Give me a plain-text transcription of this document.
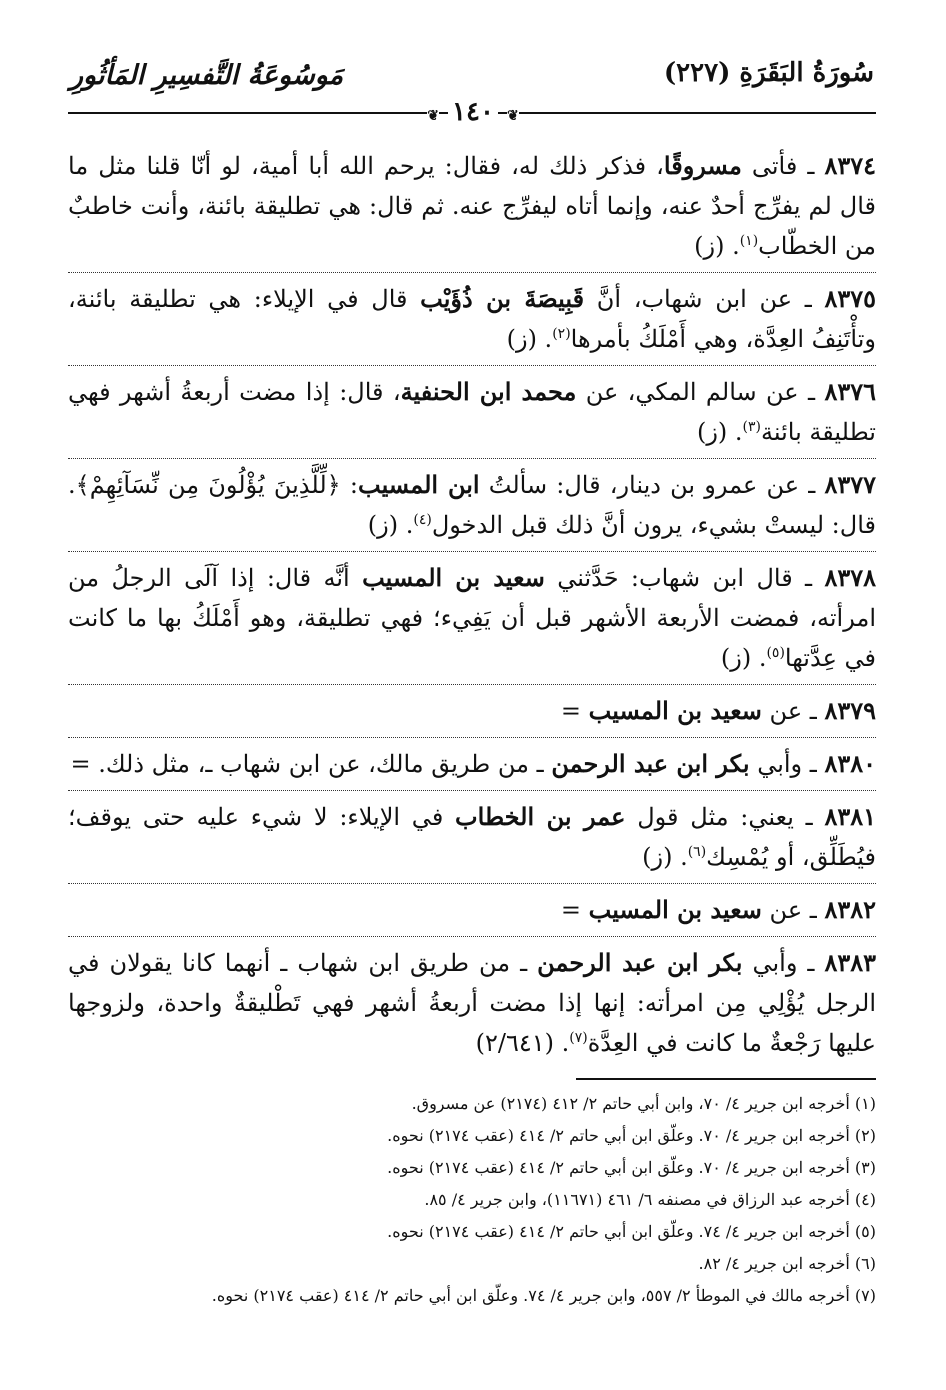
سُورَةُ البَقَرَةِ (٢٢٧)
مَوسُوعَةُ التَّفسِيرِ المَأثُورِ
❦ ١٤٠ ❦
٨٣٧٤ ـ فأتى مسروقًا، فذكر ذلك له، فقال: يرحم الله أبا أمية، لو أنّا قلنا مثل ما قال لم يفرِّج أحدٌ عنه، وإنما أتاه ليفرِّج عنه. ثم قال: هي تطليقة بائنة، وأنت خاطبٌ من الخطّاب$^{(١)}$. (ز)
٨٣٧٥ ـ عن ابن شهاب، أنَّ قَبِيصَةَ بن ذُؤَيْب قال في الإيلاء: هي تطليقة بائنة، وتأْتَنِفُ العِدَّة، وهي أَمْلَكُ بأمرها$^{(٢)}$. (ز)
٨٣٧٦ ـ عن سالم المكي، عن محمد ابن الحنفية، قال: إذا مضت أربعةُ أشهر فهي تطليقة بائنة$^{(٣)}$. (ز)
٨٣٧٧ ـ عن عمرو بن دينار، قال: سألتُ ابن المسيب: ﴿لِّلَّذِينَ يُؤْلُونَ مِن نِّسَآئِهِمْ﴾. قال: ليستْ بشيء، يرون أنَّ ذلك قبل الدخول$^{(٤)}$. (ز)
٨٣٧٨ ـ قال ابن شهاب: حَدَّثني سعيد بن المسيب أنَّه قال: إذا آلَى الرجلُ من امرأته، فمضت الأربعة الأشهر قبل أن يَفِيء؛ فهي تطليقة، وهو أَمْلَكُ بها ما كانت في عِدَّتها$^{(٥)}$. (ز)
٨٣٧٩ ـ عن سعيد بن المسيب =
٨٣٨٠ ـ وأبي بكر ابن عبد الرحمن ـ من طريق مالك، عن ابن شهاب ـ، مثل ذلك. =
٨٣٨١ ـ يعني: مثل قول عمر بن الخطاب في الإيلاء: لا شيء عليه حتى يوقف؛ فيُطَلِّق، أو يُمْسِك$^{(٦)}$. (ز)
٨٣٨٢ ـ عن سعيد بن المسيب =
٨٣٨٣ ـ وأبي بكر ابن عبد الرحمن ـ من طريق ابن شهاب ـ أنهما كانا يقولان في الرجل يُؤْلِي مِن امرأته: إنها إذا مضت أربعةُ أشهر فهي تَطْليقةٌ واحدة، ولزوجها عليها رَجْعةٌ ما كانت في العِدَّة$^{(٧)}$. (٢/٦٤١)
(١) أخرجه ابن جرير ٤/ ٧٠، وابن أبي حاتم ٢/ ٤١٢ (٢١٧٤) عن مسروق.
(٢) أخرجه ابن جرير ٤/ ٧٠. وعلّق ابن أبي حاتم ٢/ ٤١٤ (عقب ٢١٧٤) نحوه.
(٣) أخرجه ابن جرير ٤/ ٧٠. وعلّق ابن أبي حاتم ٢/ ٤١٤ (عقب ٢١٧٤) نحوه.
(٤) أخرجه عبد الرزاق في مصنفه ٦/ ٤٦١ (١١٦٧١)، وابن جرير ٤/ ٨٥.
(٥) أخرجه ابن جرير ٤/ ٧٤. وعلّق ابن أبي حاتم ٢/ ٤١٤ (عقب ٢١٧٤) نحوه.
(٦) أخرجه ابن جرير ٤/ ٨٢.
(٧) أخرجه مالك في الموطأ ٢/ ٥٥٧، وابن جرير ٤/ ٧٤. وعلّق ابن أبي حاتم ٢/ ٤١٤ (عقب ٢١٧٤) نحوه.
